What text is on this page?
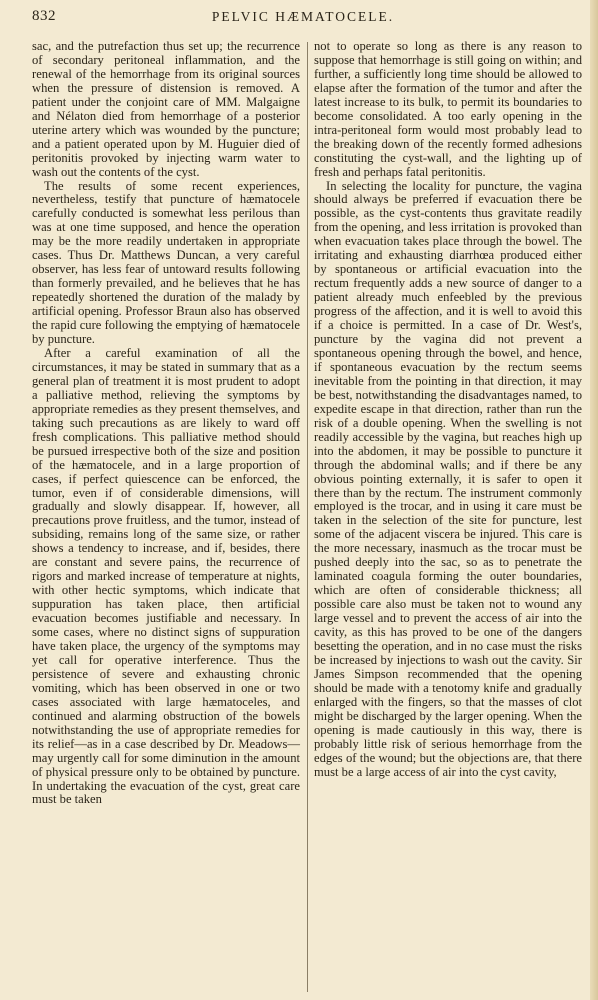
832	PELVIC HÆMATOCELE.

sac, and the putrefaction thus set up; the recurrence of secondary peritoneal inflammation, and the renewal of the hemorrhage from its original sources when the pressure of distension is removed. A patient under the conjoint care of MM. Malgaigne and Nélaton died from hemorrhage of a posterior uterine artery which was wounded by the puncture; and a patient operated upon by M. Huguier died of peritonitis provoked by injecting warm water to wash out the contents of the cyst.

The results of some recent experiences, nevertheless, testify that puncture of hæmatocele carefully conducted is somewhat less perilous than was at one time supposed, and hence the operation may be the more readily undertaken in appropriate cases. Thus Dr. Matthews Duncan, a very careful observer, has less fear of untoward results following than formerly prevailed, and he believes that he has repeatedly shortened the duration of the malady by artificial opening. Professor Braun also has observed the rapid cure following the emptying of hæmatocele by puncture.

After a careful examination of all the circumstances, it may be stated in summary that as a general plan of treatment it is most prudent to adopt a palliative method, relieving the symptoms by appropriate remedies as they present themselves, and taking such precautions as are likely to ward off fresh complications. This palliative method should be pursued irrespective both of the size and position of the hæmatocele, and in a large proportion of cases, if perfect quiescence can be enforced, the tumor, even if of considerable dimensions, will gradually and slowly disappear. If, however, all precautions prove fruitless, and the tumor, instead of subsiding, remains long of the same size, or rather shows a tendency to increase, and if, besides, there are constant and severe pains, the recurrence of rigors and marked increase of temperature at nights, with other hectic symptoms, which indicate that suppuration has taken place, then artificial evacuation becomes justifiable and necessary. In some cases, where no distinct signs of suppuration have taken place, the urgency of the symptoms may yet call for operative interference. Thus the persistence of severe and exhausting chronic vomiting, which has been observed in one or two cases associated with large hæmatoceles, and continued and alarming obstruction of the bowels notwithstanding the use of appropriate remedies for its relief—as in a case described by Dr. Meadows—may urgently call for some diminution in the amount of physical pressure only to be obtained by puncture. In undertaking the evacuation of the cyst, great care must be taken

not to operate so long as there is any reason to suppose that hemorrhage is still going on within; and further, a sufficiently long time should be allowed to elapse after the formation of the tumor and after the latest increase to its bulk, to permit its boundaries to become consolidated. A too early opening in the intra-peritoneal form would most probably lead to the breaking down of the recently formed adhesions constituting the cyst-wall, and the lighting up of fresh and perhaps fatal peritonitis.

In selecting the locality for puncture, the vagina should always be preferred if evacuation there be possible, as the cyst-contents thus gravitate readily from the opening, and less irritation is provoked than when evacuation takes place through the bowel. The irritating and exhausting diarrhœa produced either by spontaneous or artificial evacuation into the rectum frequently adds a new source of danger to a patient already much enfeebled by the previous progress of the affection, and it is well to avoid this if a choice is permitted. In a case of Dr. West's, puncture by the vagina did not prevent a spontaneous opening through the bowel, and hence, if spontaneous evacuation by the rectum seems inevitable from the pointing in that direction, it may be best, notwithstanding the disadvantages named, to expedite escape in that direction, rather than run the risk of a double opening. When the swelling is not readily accessible by the vagina, but reaches high up into the abdomen, it may be possible to puncture it through the abdominal walls; and if there be any obvious pointing externally, it is safer to open it there than by the rectum. The instrument commonly employed is the trocar, and in using it care must be taken in the selection of the site for puncture, lest some of the adjacent viscera be injured. This care is the more necessary, inasmuch as the trocar must be pushed deeply into the sac, so as to penetrate the laminated coagula forming the outer boundaries, which are often of considerable thickness; all possible care also must be taken not to wound any large vessel and to prevent the access of air into the cavity, as this has proved to be one of the dangers besetting the operation, and in no case must the risks be increased by injections to wash out the cavity. Sir James Simpson recommended that the opening should be made with a tenotomy knife and gradually enlarged with the fingers, so that the masses of clot might be discharged by the larger opening. When the opening is made cautiously in this way, there is probably little risk of serious hemorrhage from the edges of the wound; but the objections are, that there must be a large access of air into the cyst cavity,
